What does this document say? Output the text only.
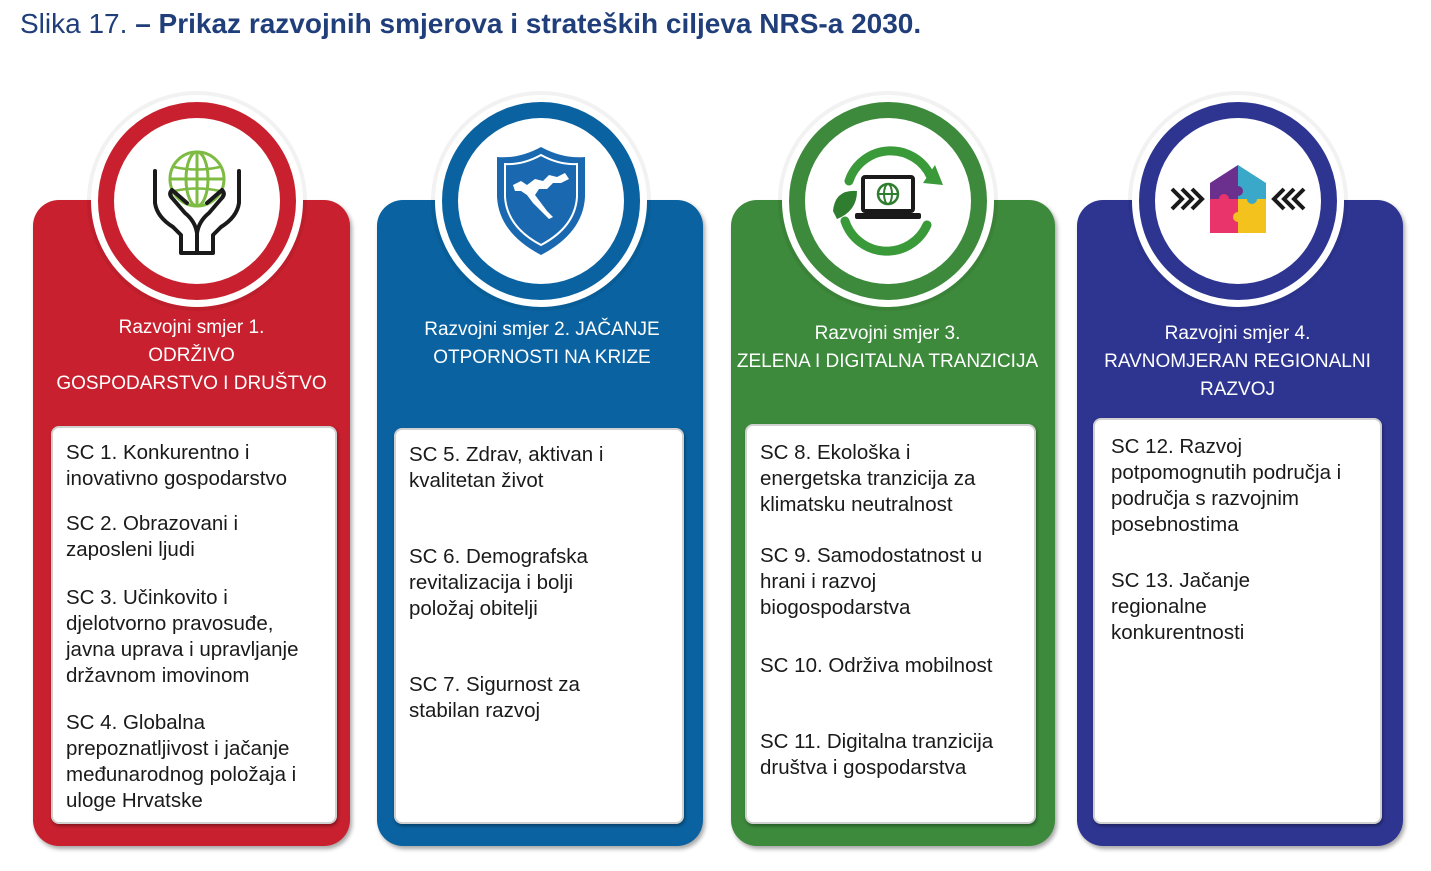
Slika 17. – Prikaz razvojnih smjerova i strateških ciljeva NRS-a 2030.
Razvojni smjer 1.
ODRŽIVO
GOSPODARSTVO I DRUŠTVO
SC 1. Konkurentno i
inovativno gospodarstvo
SC 2. Obrazovani i
zaposleni ljudi
SC 3. Učinkovito i
djelotvorno pravosuđe,
javna uprava i upravljanje
državnom imovinom
SC 4. Globalna
prepoznatljivost i jačanje
međunarodnog položaja i
uloge Hrvatske
Razvojni smjer 2. JAČANJE
OTPORNOSTI NA KRIZE
SC 5. Zdrav, aktivan i
kvalitetan život
SC 6. Demografska
revitalizacija i bolji
položaj obitelji
SC 7. Sigurnost za
stabilan razvoj
Razvojni smjer 3.
ZELENA I DIGITALNA TRANZICIJA
SC 8. Ekološka i
energetska tranzicija za
klimatsku neutralnost
SC 9. Samodostatnost u
hrani i razvoj
biogospodarstva
SC 10. Održiva mobilnost
SC 11. Digitalna tranzicija
društva i gospodarstva
Razvojni smjer 4.
RAVNOMJERAN REGIONALNI
RAZVOJ
SC 12. Razvoj
potpomognutih područja i
područja s razvojnim
posebnostima
SC 13. Jačanje
regionalne
konkurentnosti
